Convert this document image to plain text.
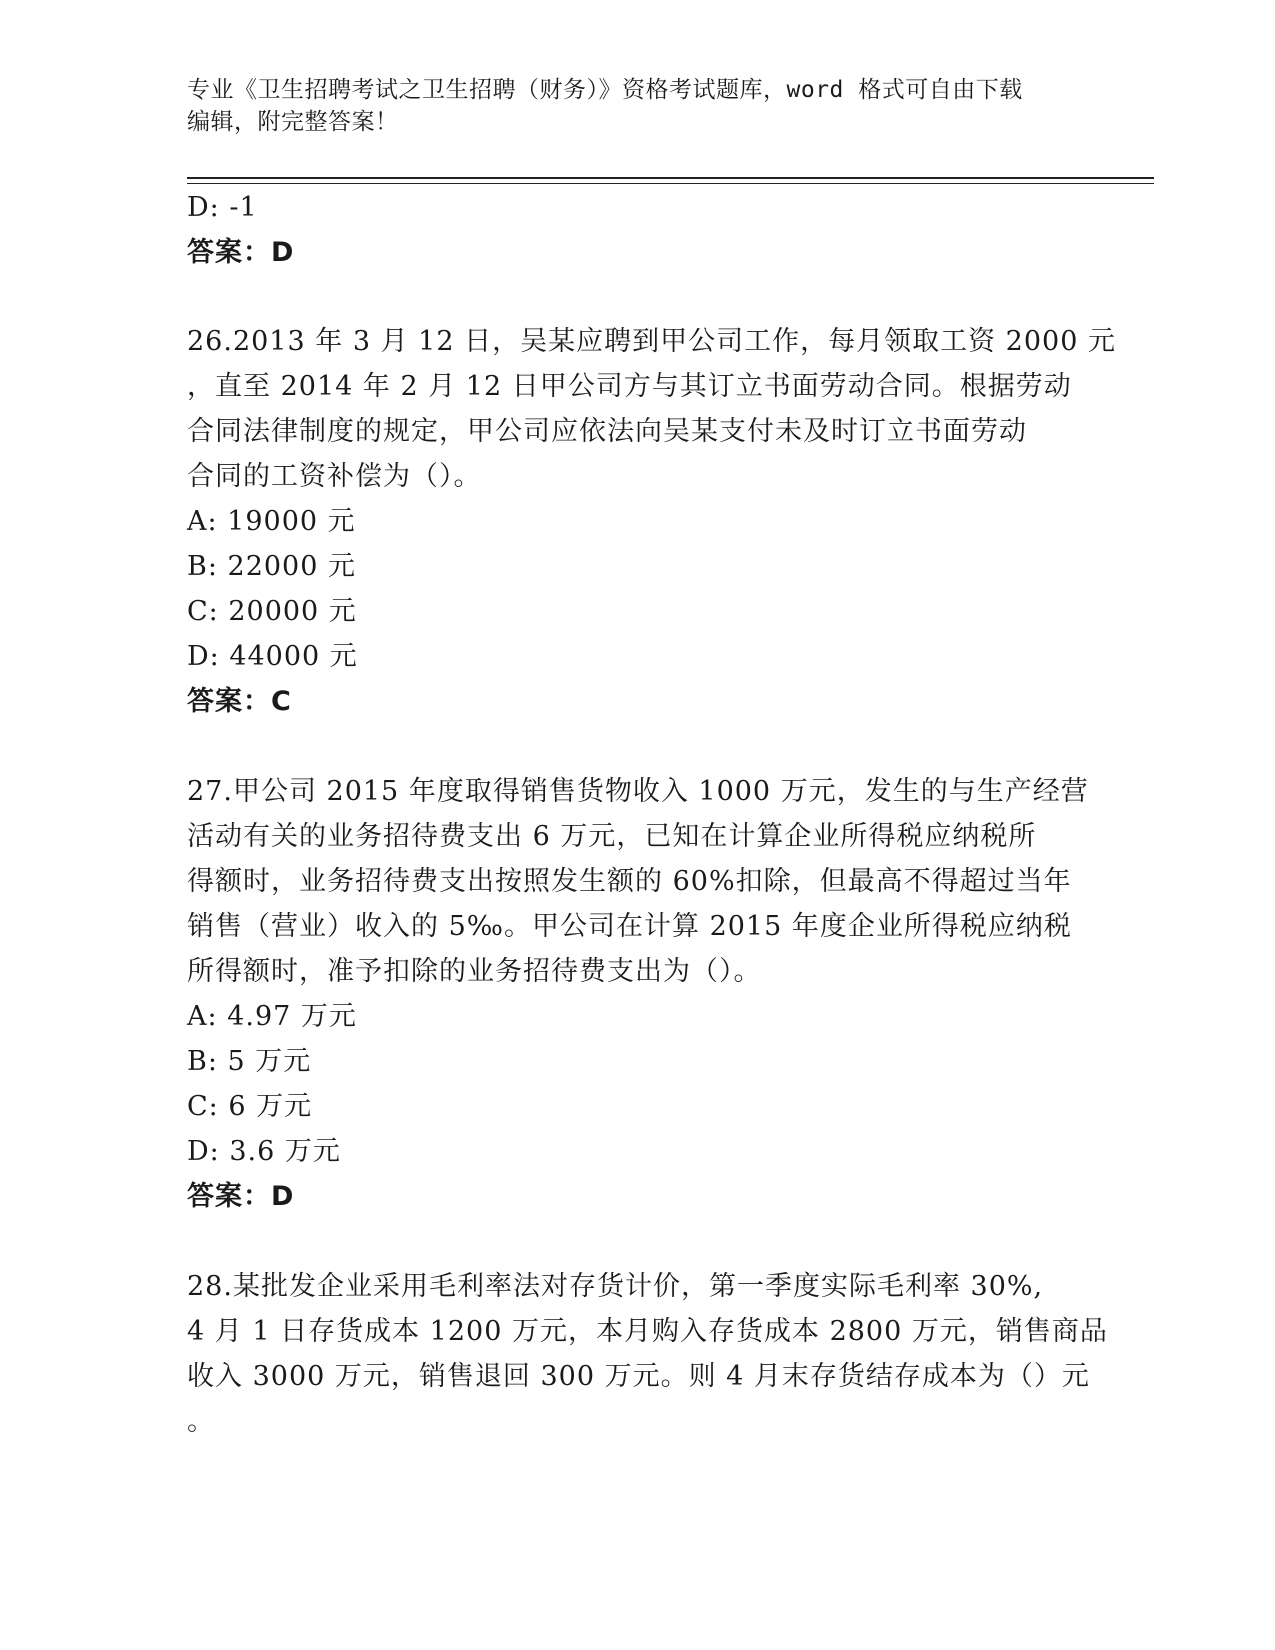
专业《卫生招聘考试之卫生招聘（财务）》资格考试题库，word 格式可自由下载
编辑，附完整答案！
D: -1
答案：D
26.2013 年 3 月 12 日，吴某应聘到甲公司工作，每月领取工资 2000 元
，直至 2014 年 2 月 12 日甲公司方与其订立书面劳动合同。根据劳动
合同法律制度的规定，甲公司应依法向吴某支付未及时订立书面劳动
合同的工资补偿为（）。
A: 19000 元
B: 22000 元
C: 20000 元
D: 44000 元
答案：C
27.甲公司 2015 年度取得销售货物收入 1000 万元，发生的与生产经营
活动有关的业务招待费支出 6 万元，已知在计算企业所得税应纳税所
得额时，业务招待费支出按照发生额的 60%扣除，但最高不得超过当年
销售（营业）收入的 5‰。甲公司在计算 2015 年度企业所得税应纳税
所得额时，准予扣除的业务招待费支出为（）。
A: 4.97 万元
B: 5 万元
C: 6 万元
D: 3.6 万元
答案：D
28.某批发企业采用毛利率法对存货计价，第一季度实际毛利率 30%,
4 月 1 日存货成本 1200 万元，本月购入存货成本 2800 万元，销售商品
收入 3000 万元，销售退回 300 万元。则 4 月末存货结存成本为（）元
。
